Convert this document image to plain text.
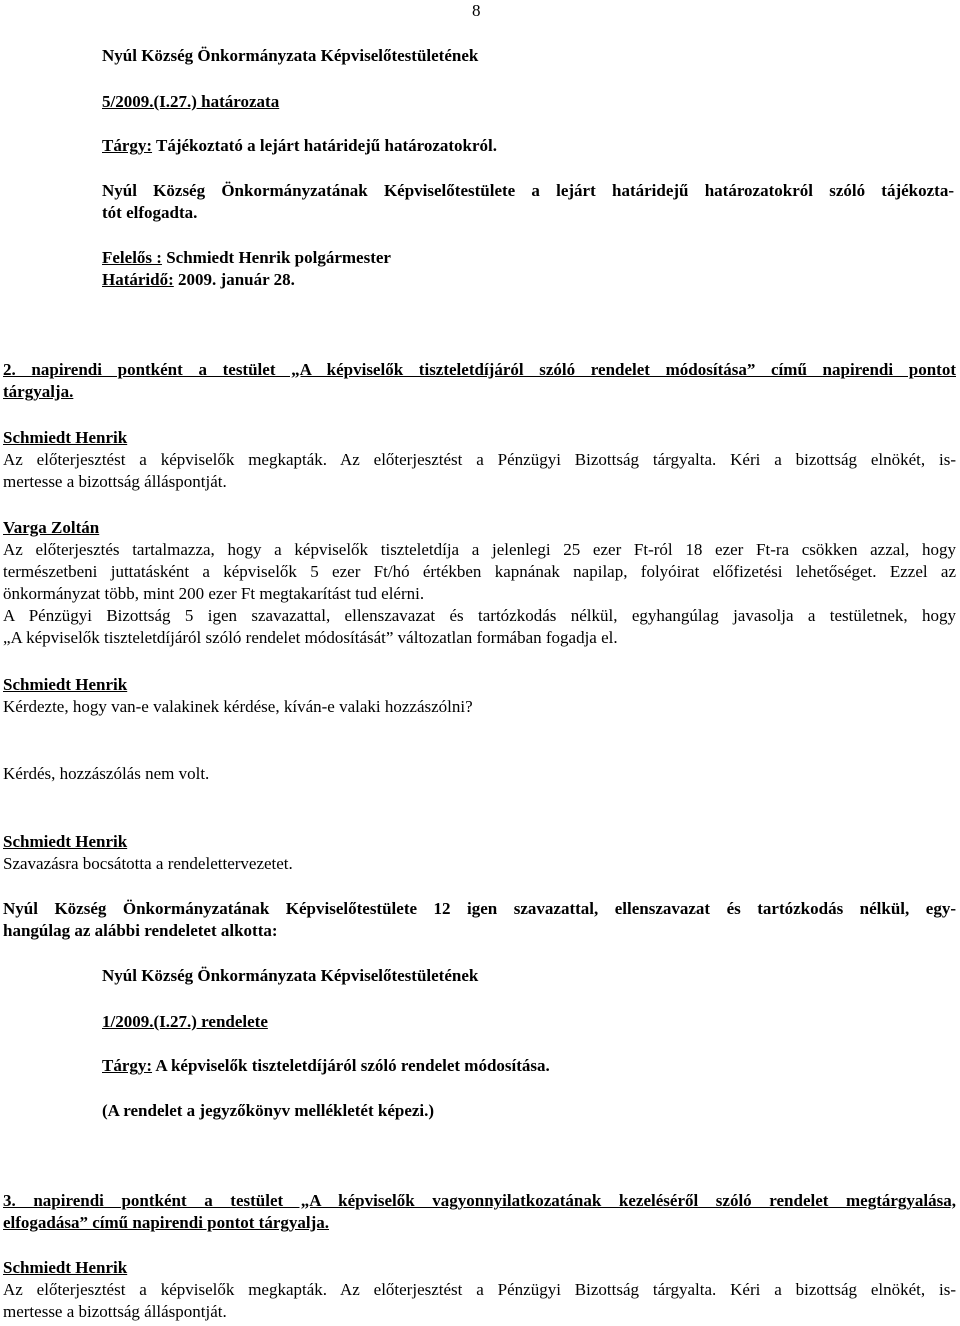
8
Nyúl Község Önkormányzata Képviselőtestületének
5/2009.(I.27.) határozata
Tárgy: Tájékoztató a lejárt határidejű határozatokról.
Nyúl Község Önkormányzatának Képviselőtestülete a lejárt határidejű határozatokról szóló tájékozta-
tót elfogadta.
Felelős : Schmiedt Henrik polgármester
Határidő: 2009. január 28.
2. napirendi pontként a testület „A képviselők tiszteletdíjáról szóló rendelet módosítása” című napirendi pontot
tárgyalja.
Schmiedt Henrik
Az előterjesztést a képviselők megkapták. Az előterjesztést a Pénzügyi Bizottság tárgyalta. Kéri a bizottság elnökét, is-
mertesse a bizottság álláspontját.
Varga Zoltán
Az előterjesztés tartalmazza, hogy a képviselők tiszteletdíja a jelenlegi 25 ezer Ft-ról 18 ezer Ft-ra csökken azzal, hogy
természetbeni juttatásként a képviselők 5 ezer Ft/hó értékben kapnának napilap, folyóirat előfizetési lehetőséget. Ezzel az
önkormányzat több, mint 200 ezer Ft megtakarítást tud elérni.
A Pénzügyi Bizottság 5 igen szavazattal, ellenszavazat és tartózkodás nélkül, egyhangúlag javasolja a testületnek, hogy
„A képviselők tiszteletdíjáról szóló rendelet módosítását” változatlan formában fogadja el.
Schmiedt Henrik
Kérdezte, hogy van-e valakinek kérdése, kíván-e valaki hozzászólni?
Kérdés, hozzászólás nem volt.
Schmiedt Henrik
Szavazásra bocsátotta a rendelettervezetet.
Nyúl Község Önkormányzatának Képviselőtestülete 12 igen szavazattal, ellenszavazat és tartózkodás nélkül, egy-
hangúlag az alábbi rendeletet alkotta:
Nyúl Község Önkormányzata Képviselőtestületének
1/2009.(I.27.) rendelete
Tárgy: A képviselők tiszteletdíjáról szóló rendelet módosítása.
(A rendelet a jegyzőkönyv mellékletét képezi.)
3. napirendi pontként a testület „A képviselők vagyonnyilatkozatának kezeléséről szóló rendelet megtárgyalása,
elfogadása” című napirendi pontot tárgyalja.
Schmiedt Henrik
Az előterjesztést a képviselők megkapták. Az előterjesztést a Pénzügyi Bizottság tárgyalta. Kéri a bizottság elnökét, is-
mertesse a bizottság álláspontját.
